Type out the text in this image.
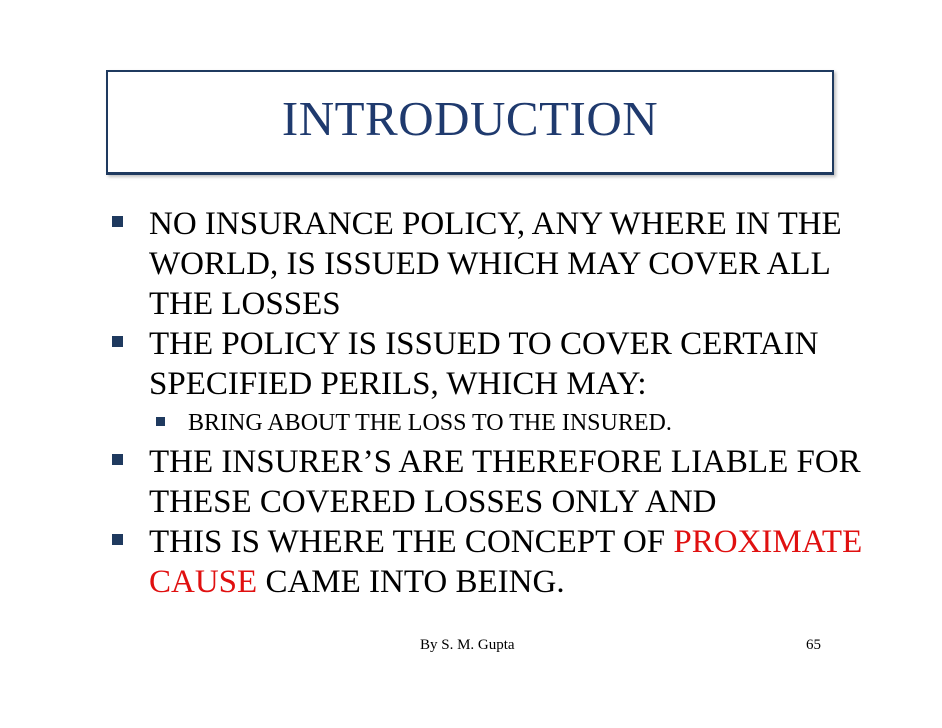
INTRODUCTION

NO INSURANCE POLICY, ANY WHERE IN THE WORLD, IS ISSUED WHICH MAY COVER ALL THE LOSSES

THE POLICY IS ISSUED TO COVER CERTAIN SPECIFIED PERILS, WHICH MAY:

BRING ABOUT THE LOSS TO THE INSURED.

THE INSURER’S ARE THEREFORE LIABLE FOR THESE COVERED LOSSES ONLY AND

THIS IS WHERE THE CONCEPT OF PROXIMATE CAUSE CAME INTO BEING.

By S. M. Gupta	65
